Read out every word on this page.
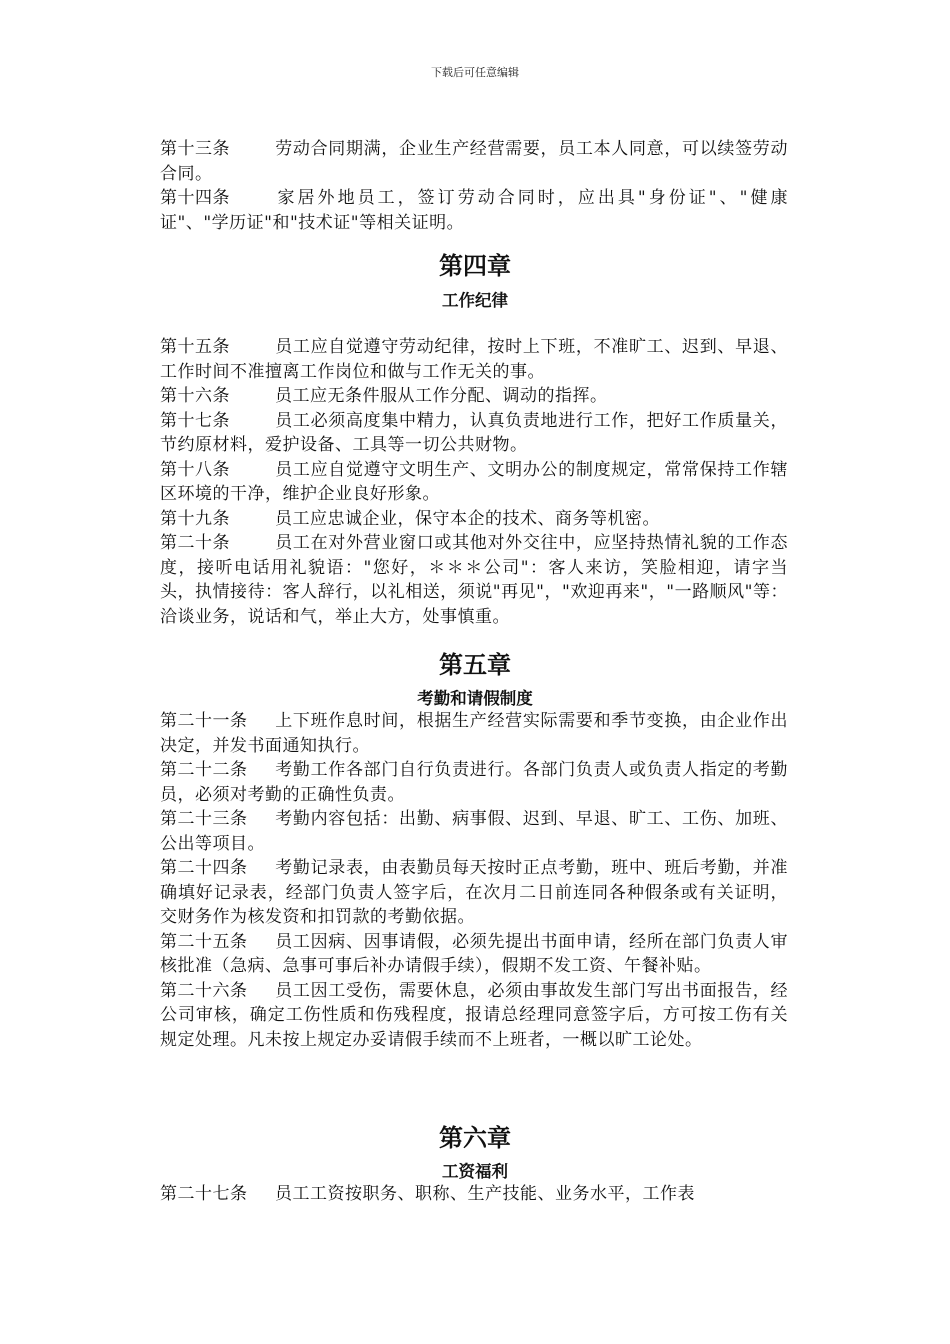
下载后可任意编辑
第十三条	劳动合同期满，企业生产经营需要，员工本人同意，可以续签劳动合同。
第十四条	家居外地员工，签订劳动合同时，应出具"身份证"、"健康证"、"学历证"和"技术证"等相关证明。
第四章
工作纪律
第十五条	员工应自觉遵守劳动纪律，按时上下班，不准旷工、迟到、早退、工作时间不准擅离工作岗位和做与工作无关的事。
第十六条	员工应无条件服从工作分配、调动的指挥。
第十七条	员工必须高度集中精力，认真负责地进行工作，把好工作质量关，节约原材料，爱护设备、工具等一切公共财物。
第十八条	员工应自觉遵守文明生产、文明办公的制度规定，常常保持工作辖区环境的干净，维护企业良好形象。
第十九条	员工应忠诚企业，保守本企的技术、商务等机密。
第二十条	员工在对外营业窗口或其他对外交往中，应坚持热情礼貌的工作态度，接听电话用礼貌语："您好，＊＊＊公司"：客人来访，笑脸相迎，请字当头，执情接待：客人辞行，以礼相送，须说"再见"，"欢迎再来"，"一路顺风"等：洽谈业务，说话和气，举止大方，处事慎重。
第五章
考勤和请假制度
第二十一条 上下班作息时间，根据生产经营实际需要和季节变换，由企业作出决定，并发书面通知执行。
第二十二条 考勤工作各部门自行负责进行。各部门负责人或负责人指定的考勤员，必须对考勤的正确性负责。
第二十三条 考勤内容包括：出勤、病事假、迟到、早退、旷工、工伤、加班、公出等项目。
第二十四条 考勤记录表，由表勤员每天按时正点考勤，班中、班后考勤，并准确填好记录表，经部门负责人签字后，在次月二日前连同各种假条或有关证明，交财务作为核发资和扣罚款的考勤依据。
第二十五条 员工因病、因事请假，必须先提出书面申请，经所在部门负责人审核批准（急病、急事可事后补办请假手续），假期不发工资、午餐补贴。
第二十六条 员工因工受伤，需要休息，必须由事故发生部门写出书面报告，经公司审核，确定工伤性质和伤残程度，报请总经理同意签字后，方可按工伤有关规定处理。凡未按上规定办妥请假手续而不上班者，一概以旷工论处。
第六章
工资福利
第二十七条 员工工资按职务、职称、生产技能、业务水平，工作表
